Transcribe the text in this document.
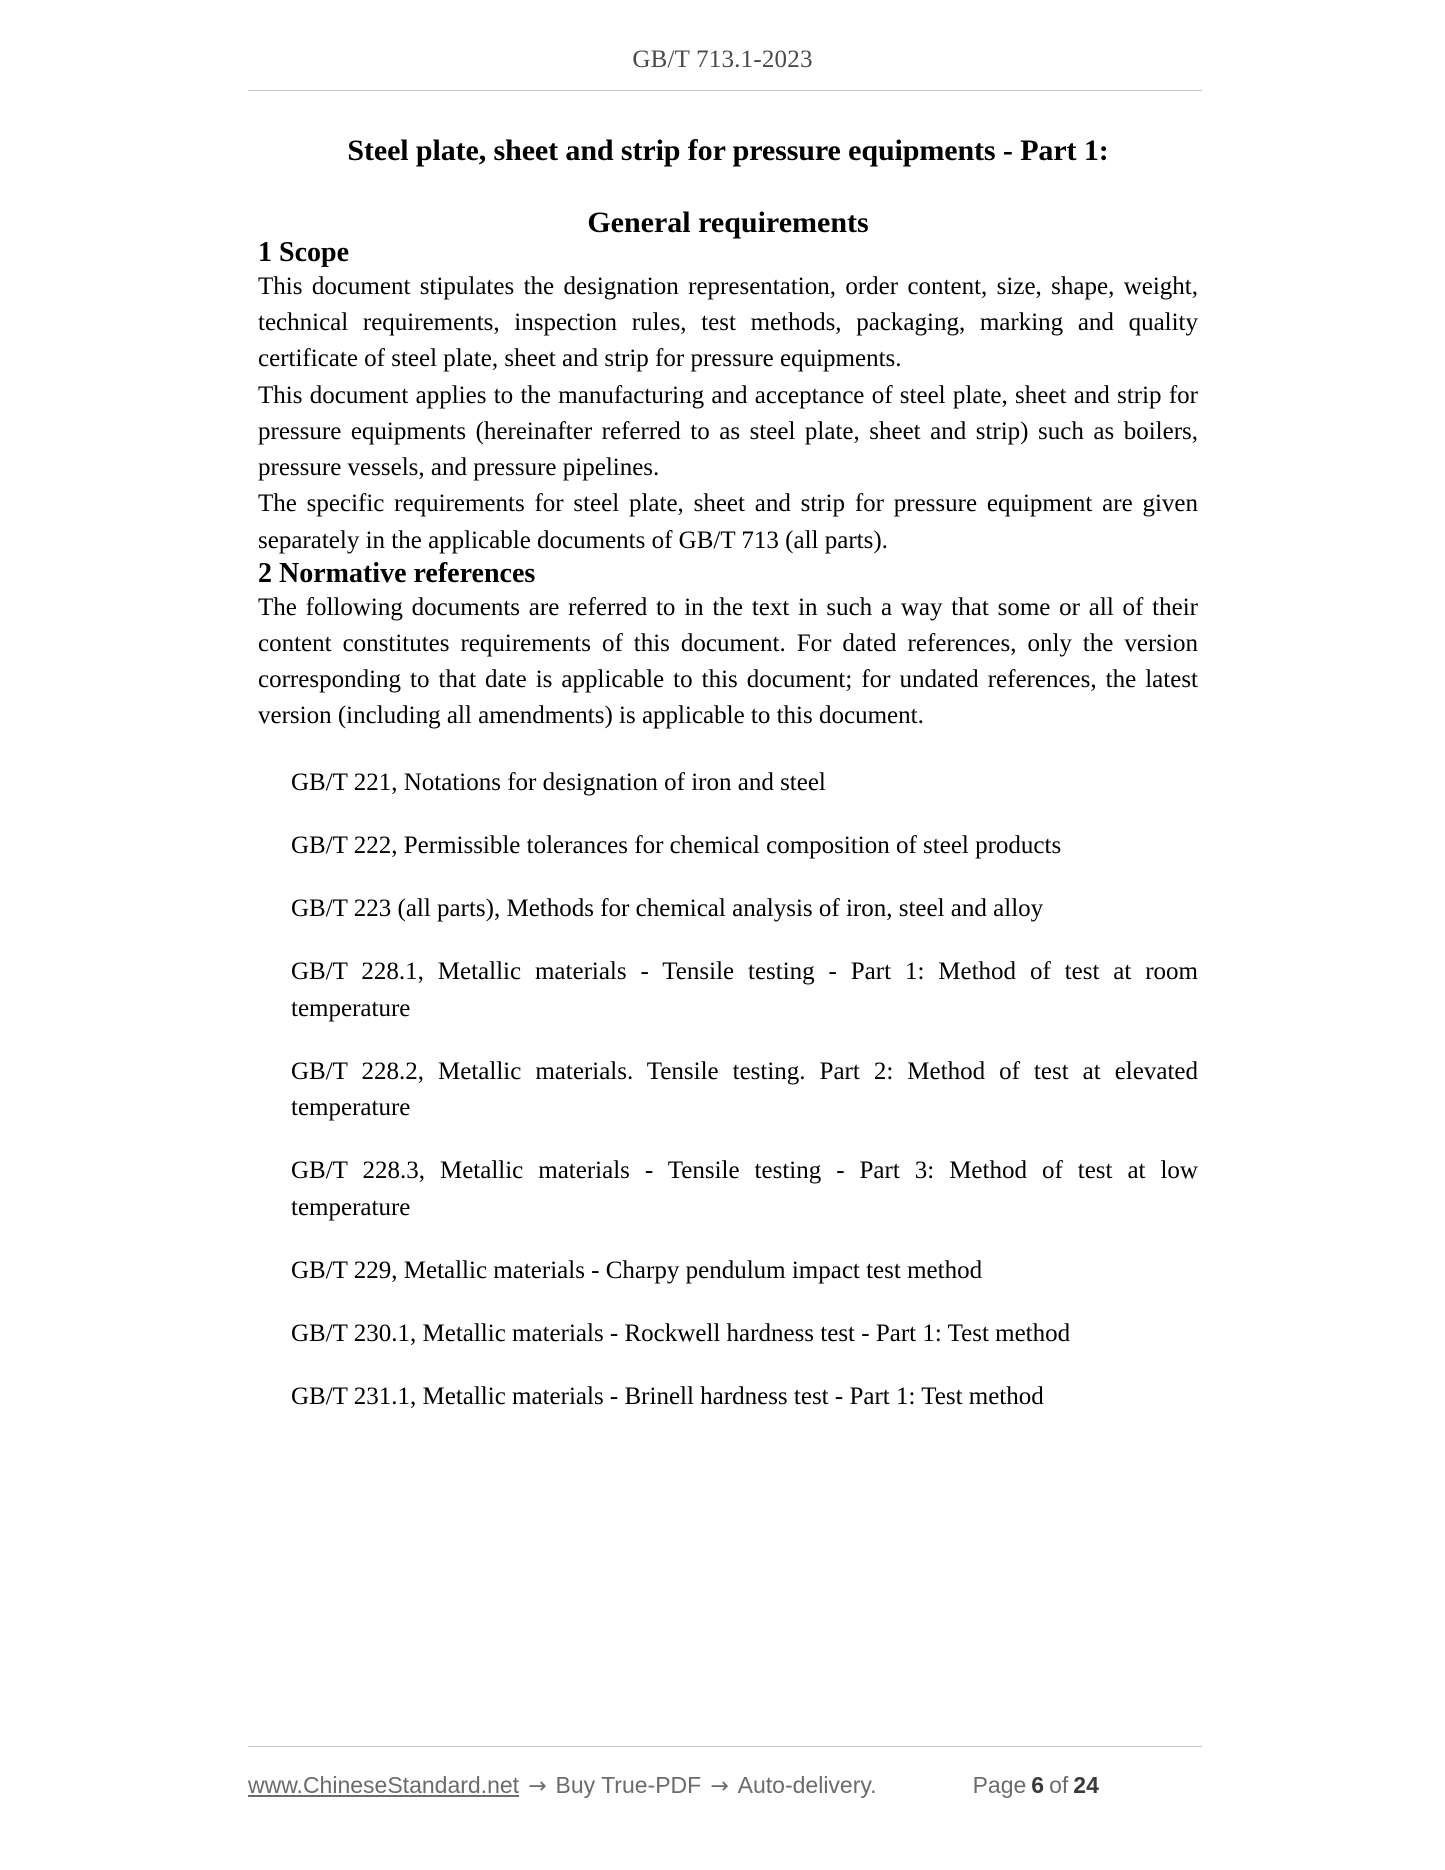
GB/T 713.1-2023
Steel plate, sheet and strip for pressure equipments - Part 1:
General requirements
1 Scope

This document stipulates the designation representation, order content, size, shape, weight, technical requirements, inspection rules, test methods, packaging, marking and quality certificate of steel plate, sheet and strip for pressure equipments.

This document applies to the manufacturing and acceptance of steel plate, sheet and strip for pressure equipments (hereinafter referred to as steel plate, sheet and strip) such as boilers, pressure vessels, and pressure pipelines.

The specific requirements for steel plate, sheet and strip for pressure equipment are given separately in the applicable documents of GB/T 713 (all parts).

2 Normative references

The following documents are referred to in the text in such a way that some or all of their content constitutes requirements of this document. For dated references, only the version corresponding to that date is applicable to this document; for undated references, the latest version (including all amendments) is applicable to this document.

GB/T 221, Notations for designation of iron and steel
GB/T 222, Permissible tolerances for chemical composition of steel products
GB/T 223 (all parts), Methods for chemical analysis of iron, steel and alloy
GB/T 228.1, Metallic materials - Tensile testing - Part 1: Method of test at room temperature
GB/T 228.2, Metallic materials. Tensile testing. Part 2: Method of test at elevated temperature
GB/T 228.3, Metallic materials - Tensile testing - Part 3: Method of test at low temperature
GB/T 229, Metallic materials - Charpy pendulum impact test method
GB/T 230.1, Metallic materials - Rockwell hardness test - Part 1: Test method
GB/T 231.1, Metallic materials - Brinell hardness test - Part 1: Test method
www.ChineseStandard.net → Buy True-PDF → Auto-delivery.	Page 6 of 24
